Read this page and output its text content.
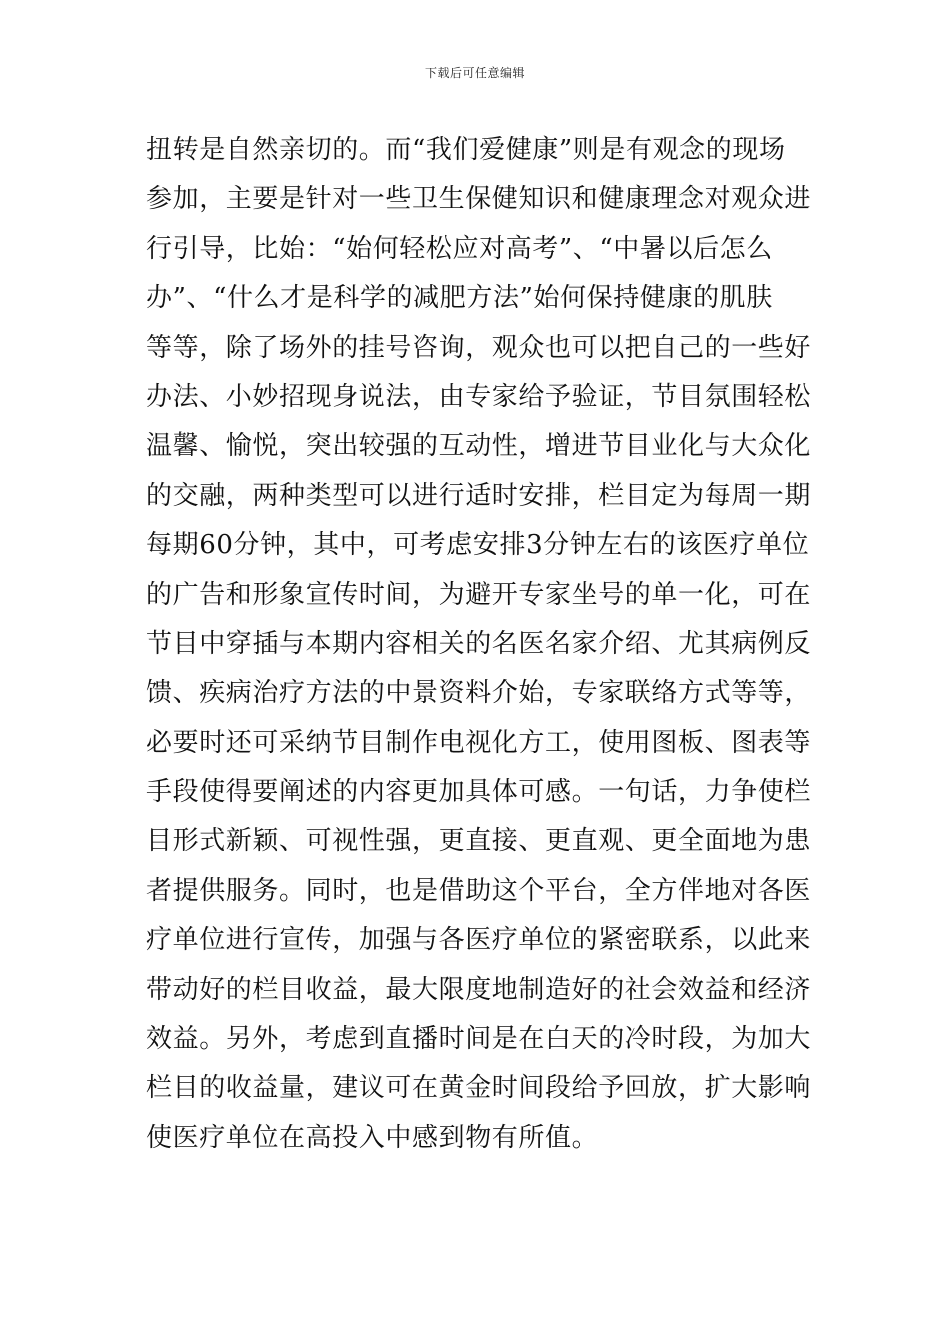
下载后可任意编辑
扭转是自然亲切的。而“我们爱健康”则是有观念的现场
参加，主要是针对一些卫生保健知识和健康理念对观众进
行引导，比始：“始何轻松应对高考”、“中暑以后怎么
办”、“什么才是科学的减肥方法”始何保持健康的肌肤
等等，除了场外的挂号咨询，观众也可以把自己的一些好
办法、小妙招现身说法，由专家给予验证，节目氛围轻松
温馨、愉悦，突出较强的互动性，增进节目业化与大众化
的交融，两种类型可以进行适时安排，栏目定为每周一期
每期60分钟，其中，可考虑安排3分钟左右的该医疗单位
的广告和形象宣传时间，为避开专家坐号的单一化，可在
节目中穿插与本期内容相关的名医名家介绍、尤其病例反
馈、疾病治疗方法的中景资料介始，专家联络方式等等，
必要时还可采纳节目制作电视化方工，使用图板、图表等
手段使得要阐述的内容更加具体可感。一句话，力争使栏
目形式新颖、可视性强，更直接、更直观、更全面地为患
者提供服务。同时，也是借助这个平台，全方伴地对各医
疗单位进行宣传，加强与各医疗单位的紧密联系，以此来
带动好的栏目收益，最大限度地制造好的社会效益和经济
效益。另外，考虑到直播时间是在白天的冷时段，为加大
栏目的收益量，建议可在黄金时间段给予回放，扩大影响
使医疗单位在高投入中感到物有所值。
